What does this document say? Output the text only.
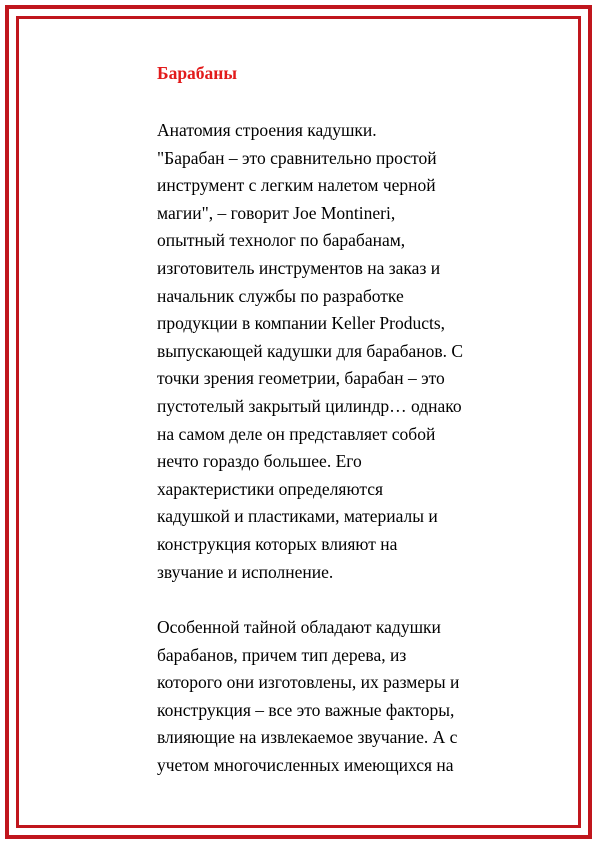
Барабаны

Анатомия строения кадушки.
"Барабан – это сравнительно простой
инструмент с легким налетом черной
магии", – говорит Joe Montineri,
опытный технолог по барабанам,
изготовитель инструментов на заказ и
начальник службы по разработке
продукции в компании Keller Products,
выпускающей кадушки для барабанов. С
точки зрения геометрии, барабан – это
пустотелый закрытый цилиндр… однако
на самом деле он представляет собой
нечто гораздо большее. Его
характеристики определяются
кадушкой и пластиками, материалы и
конструкция которых влияют на
звучание и исполнение.

Особенной тайной обладают кадушки
барабанов, причем тип дерева, из
которого они изготовлены, их размеры и
конструкция – все это важные факторы,
влияющие на извлекаемое звучание. А с
учетом многочисленных имеющихся на
